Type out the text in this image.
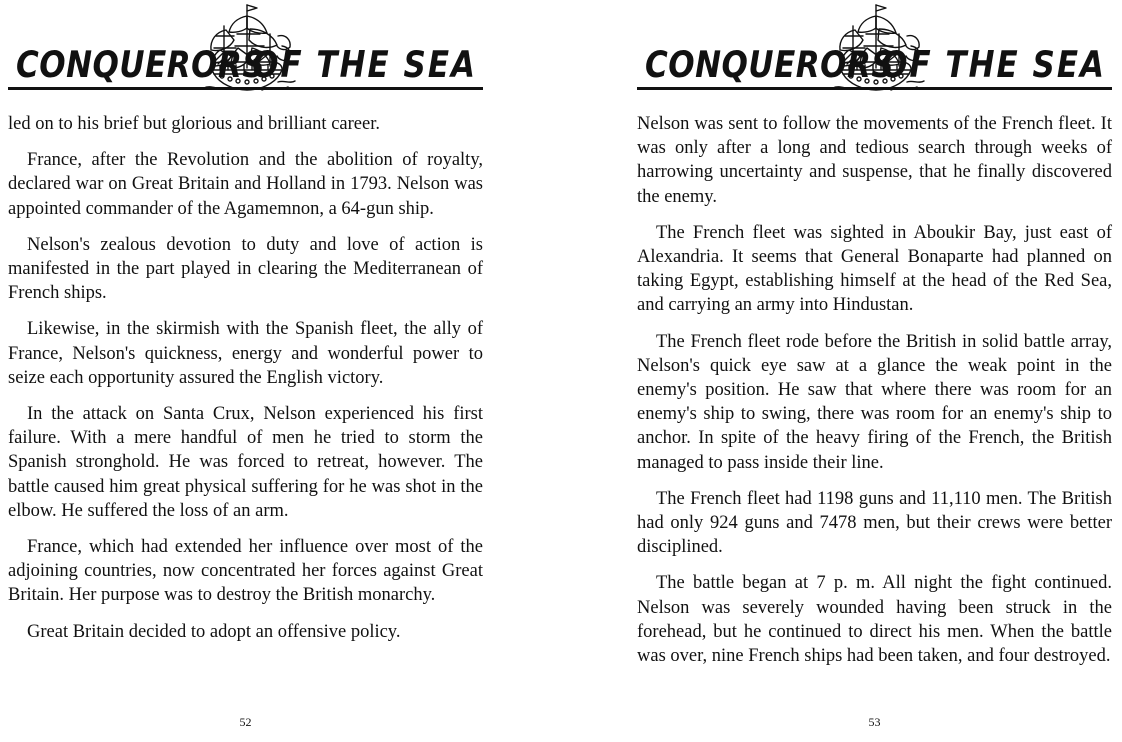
CONQUERORS
OF THE SEA

led on to his brief but glorious and brilliant career.

France, after the Revolution and the abolition of royalty, declared war on Great Britain and Holland in 1793. Nelson was appointed commander of the Agamemnon, a 64-gun ship.

Nelson's zealous devotion to duty and love of action is manifested in the part played in clearing the Mediterranean of French ships.

Likewise, in the skirmish with the Spanish fleet, the ally of France, Nelson's quickness, energy and wonderful power to seize each opportunity assured the English victory.

In the attack on Santa Crux, Nelson experienced his first failure. With a mere handful of men he tried to storm the Spanish stronghold. He was forced to retreat, however. The battle caused him great physical suffering for he was shot in the elbow. He suffered the loss of an arm.

France, which had extended her influence over most of the adjoining countries, now concentrated her forces against Great Britain. Her purpose was to destroy the British monarchy.

Great Britain decided to adopt an offensive policy.

52
CONQUERORS
OF THE SEA

Nelson was sent to follow the movements of the French fleet. It was only after a long and tedious search through weeks of harrowing uncertainty and suspense, that he finally discovered the enemy.

The French fleet was sighted in Aboukir Bay, just east of Alexandria. It seems that General Bonaparte had planned on taking Egypt, establishing himself at the head of the Red Sea, and carrying an army into Hindustan.

The French fleet rode before the British in solid battle array, Nelson's quick eye saw at a glance the weak point in the enemy's position. He saw that where there was room for an enemy's ship to swing, there was room for an enemy's ship to anchor. In spite of the heavy firing of the French, the British managed to pass inside their line.

The French fleet had 1198 guns and 11,110 men. The British had only 924 guns and 7478 men, but their crews were better disciplined.

The battle began at 7 p. m. All night the fight continued. Nelson was severely wounded having been struck in the forehead, but he continued to direct his men. When the battle was over, nine French ships had been taken, and four destroyed.

53
